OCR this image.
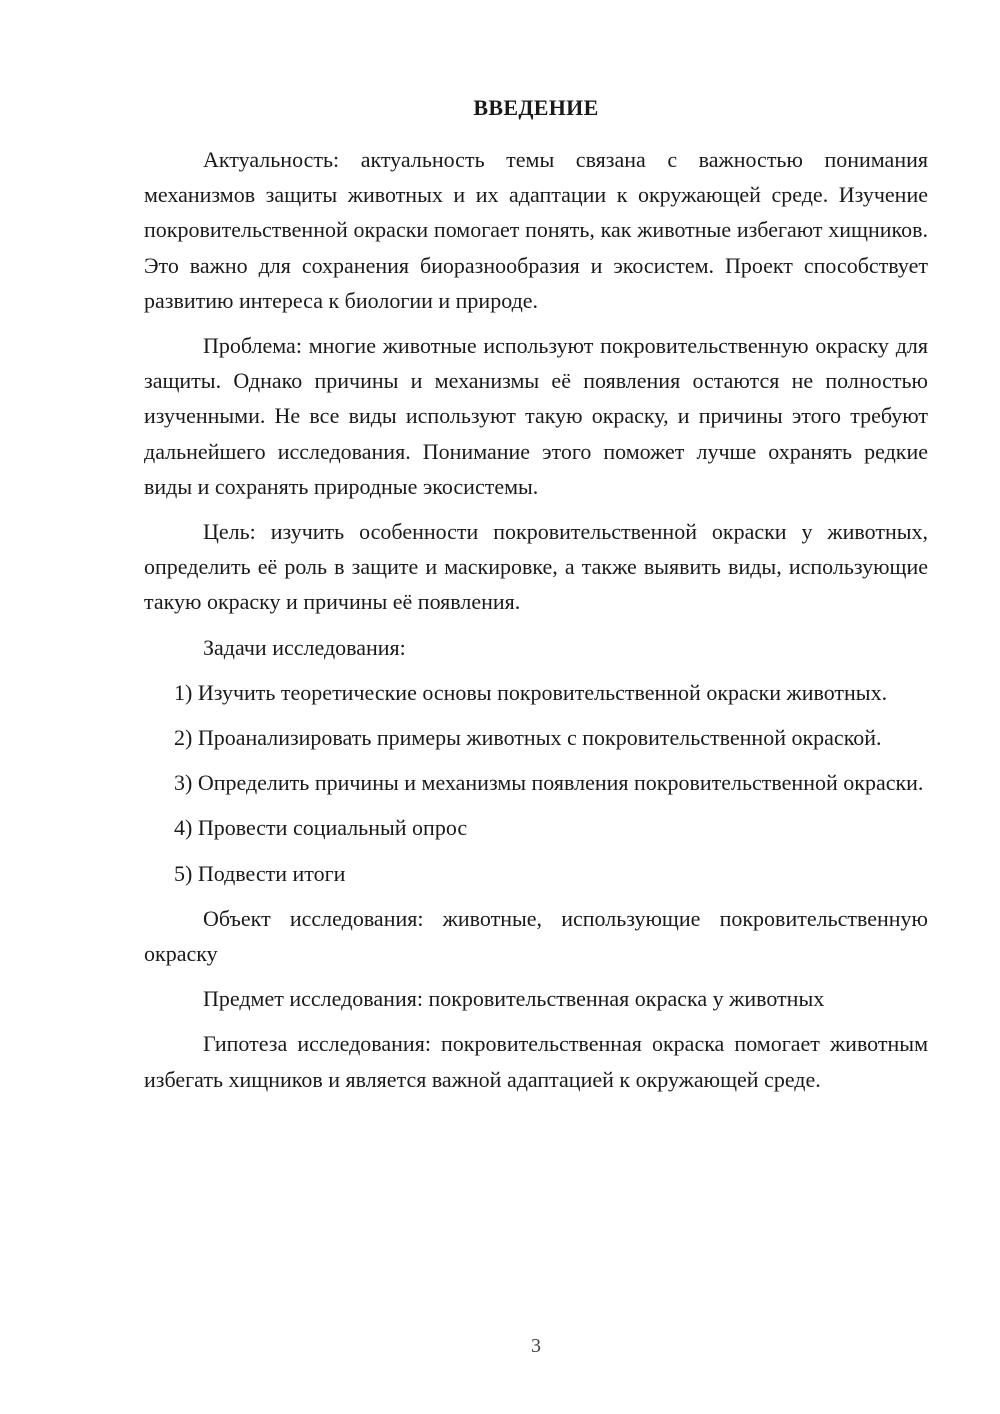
ВВЕДЕНИЕ

Актуальность: актуальность темы связана с важностью понимания механизмов защиты животных и их адаптации к окружающей среде. Изучение покровительственной окраски помогает понять, как животные избегают хищников. Это важно для сохранения биоразнообразия и экосистем. Проект способствует развитию интереса к биологии и природе.

Проблема: многие животные используют покровительственную окраску для защиты. Однако причины и механизмы её появления остаются не полностью изученными. Не все виды используют такую окраску, и причины этого требуют дальнейшего исследования. Понимание этого поможет лучше охранять редкие виды и сохранять природные экосистемы.

Цель: изучить особенности покровительственной окраски у животных, определить её роль в защите и маскировке, а также выявить виды, использующие такую окраску и причины её появления.

Задачи исследования:

1) Изучить теоретические основы покровительственной окраски животных.

2) Проанализировать примеры животных с покровительственной окраской.

3) Определить причины и механизмы появления покровительственной окраски.

4) Провести социальный опрос

5) Подвести итоги

Объект исследования: животные, использующие покровительственную окраску

Предмет исследования: покровительственная окраска у животных

Гипотеза исследования: покровительственная окраска помогает животным избегать хищников и является важной адаптацией к окружающей среде.

3
